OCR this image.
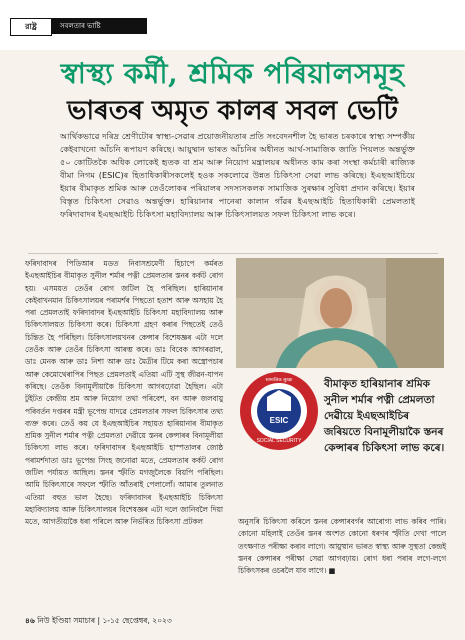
রাষ্ট্র	সবলতাৰ ভাষ্টি
স্বাস্থ্য কৰ্মী, শ্ৰমিক পৰিয়ালসমূহ
ভাৰতৰ অমৃত কালৰ সবল ভেটি
আৰ্থিকভাৱে দৰিদ্ৰ শ্ৰেণীটোৰ স্বাস্থ্য-সেৱাৰ প্ৰয়োজনীয়তাৰ প্ৰতি সংবেদনশীল হৈ ভাৰত চৰকাৰে স্বাস্থ্য সম্পৰ্কীয় কেইবাখনো আঁচনি ৰূপায়ণ কৰিছে। আয়ুষ্মান ভাৰত আঁচনিৰ অধীনত আৰ্থ-সামাজিক জাতি পিয়লত অন্তৰ্ভুক্ত ৫০ কোটিতকৈ অধিক লোকেই হৃতক বা শ্ৰম আৰু নিয়োগ মন্ত্ৰালয়ৰ অধীনত কাম কৰা সংস্থা কৰ্মচাৰী ৰাজ্যিক বীমা নিগম (ESIC)ৰ হিতাধিকাৰীসকলেই হওক সকলোৱে উন্নত চিকিৎসা সেৱা লাভ কৰিছে। ইএছআইচিয়ে ইয়াৰ বীমাকৃত শ্ৰমিক আৰু তেওঁলোকৰ পৰিয়ালৰ সদস্যসকলক সামাজিক সুৰক্ষাৰ সুবিধা প্ৰদান কৰিছে। ইয়াৰ বিস্তৃত চিকিৎসা সেৱাও অন্তৰ্ভুক্ত। হাৰিয়ানাৰ পানেৰা কালান গাঁৱৰ ইএছআইচি হিতাধিকাৰী প্ৰেমলতাই ফৰিদাবাদৰ ইএছআইচি চিকিৎসা মহাবিদ্যালয় আৰু চিকিৎসালয়ত সফল চিকিৎসা লাভ কৰে।
ফৰিদাবাদৰ পিডিআৰ মডত নিবাসশ্ৰমেণী হিচাপে কৰ্মৰত ইএছআইচিৰ বীমাকৃত সুনীল শৰ্মাৰ পত্নী প্ৰেমলতাৰ স্তনৰ কৰ্কট ৰোগ হয়। এসময়ত তেওঁৰ ৰোগ জটিল হৈ পৰিছিল। হাৰিয়ানাৰ কেইবাখনমান চিকিৎসালয়ৰ পৰামৰ্শৰ পিছতো হতাশ আৰু অসহায় হৈ পৰা প্ৰেমলতাই ফৰিদাবাদৰ ইএছআইচি চিকিৎসা মহাবিদ্যালয় আৰু চিকিৎসালয়ত চিকিৎসা কৰে। চিকিৎসা গ্ৰহণ কৰাৰ পিছতেই তেওঁ চিন্তিত হৈ পৰিছিল। চিকিৎসালয়খনৰ কেন্সাৰ বিশেষজ্ঞৰ এটা দলে তেওঁক আৰু তেওঁৰ চিকিৎসা আৰম্ভ কৰে। ডাঃ বিবেক আগৰৱাল, ডাঃ মেনক আৰু ডাঃ নিশা আৰু ডাঃ মৈত্ৰীৰ টিমে কৰা অস্ত্ৰোপচাৰ আৰু কেমোথেৰাপিৰ পিছত প্ৰেমলতাই এতিয়া এটি সুস্থ জীৱন-যাপন কৰিছে। তেওঁক বিনামূলীয়াকৈ চিকিৎসা আগবঢ়োৱা হৈছিল। এটা টুইটত কেন্দ্ৰীয় শ্ৰম আৰু নিয়োগ তথা পৰিবেশ, বন আৰু জলবায়ু পৰিবৰ্তন দপ্তৰৰ মন্ত্ৰী ভূপেন্দ্ৰ যাদৱে প্ৰেমলতাৰ সফল চিকিৎসাৰ তথ্য ব্যক্ত কৰে। তেওঁ কয় যে ইএছআইচিৰ সহায়ত হাৰিয়ানাৰ বীমাকৃত শ্ৰমিক সুনীল শৰ্মাৰ পত্নী প্ৰেমলতা দেৱীয়ে স্তনৰ কেন্সাৰৰ বিনামূলীয়া চিকিৎসা লাভ কৰে। ফৰিদাবাদৰ ইএছআইচি হাস্পতালৰ জোষ্ঠ পৰামৰ্শদাতা ডাঃ ভূপেন্দ্ৰ সিংহ জনোৱা মতে, প্ৰেমলতাৰ কৰ্কট ৰোগ জটিল পৰ্যায়ত আছিল। স্তনৰ স্ফীতি মগজুলৈকে বিয়পি পৰিছিল। আমি চিকিৎসাৰে সফলে স্ফীতি আঁতৰাই পেলালোঁ। আমাৰ তুলনাত এতিয়া বহুত ভাল হৈছে। ফৰিদাবাদৰ ইএছআইচি চিকিৎসা মহাবিদ্যালয় আৰু চিকিৎসালয়ৰ বিশেষজ্ঞৰ এটা দলে জানিবলৈ দিয়া মতে, আগতীয়াকৈ ধৰা পৰিলে আৰু নিৰ্ভৰিত চিকিৎসা প্ৰটকল
ESIC
SOCIAL SECURITY
सामाजिक सुरक्षा	বীমাকৃত হাৰিয়ানাৰ শ্ৰমিক সুনীল শৰ্মাৰ পত্নী প্ৰেমলতা দেৱীয়ে ইএছআইচিৰ জৰিয়তে বিনামূলীয়াকৈ স্তনৰ কেন্সাৰৰ চিকিৎসা লাভ কৰে।
অনুসৰি চিকিৎসা কৰিলে স্তনৰ কেন্সাৰবৰ্গৰ আৰোগ্য লাভ কৰিব পাৰি। কোনো মহিলাই তেওঁৰ স্তনৰ অংশত কোনো ধৰণৰ স্ফীতি দেখা পালে তৎক্ষণাত পৰীক্ষা কৰাব লাগে। আয়ুষ্মান ভাৰত স্বাস্থ্য আৰু সুস্থতা কেন্দ্ৰই স্তনৰ কেন্সাৰৰ পৰীক্ষা সেৱা আগবঢ়ায়। ৰোগ ধৰা পৰাৰ লগে-লগে চিকিৎসকৰ ওচৰলৈ যাব লাগে। ■
৪৬ নিউ ইণ্ডিয়া সমাচাৰ | ১-১৫ ছেপ্তেম্বৰ, ২০২৩
